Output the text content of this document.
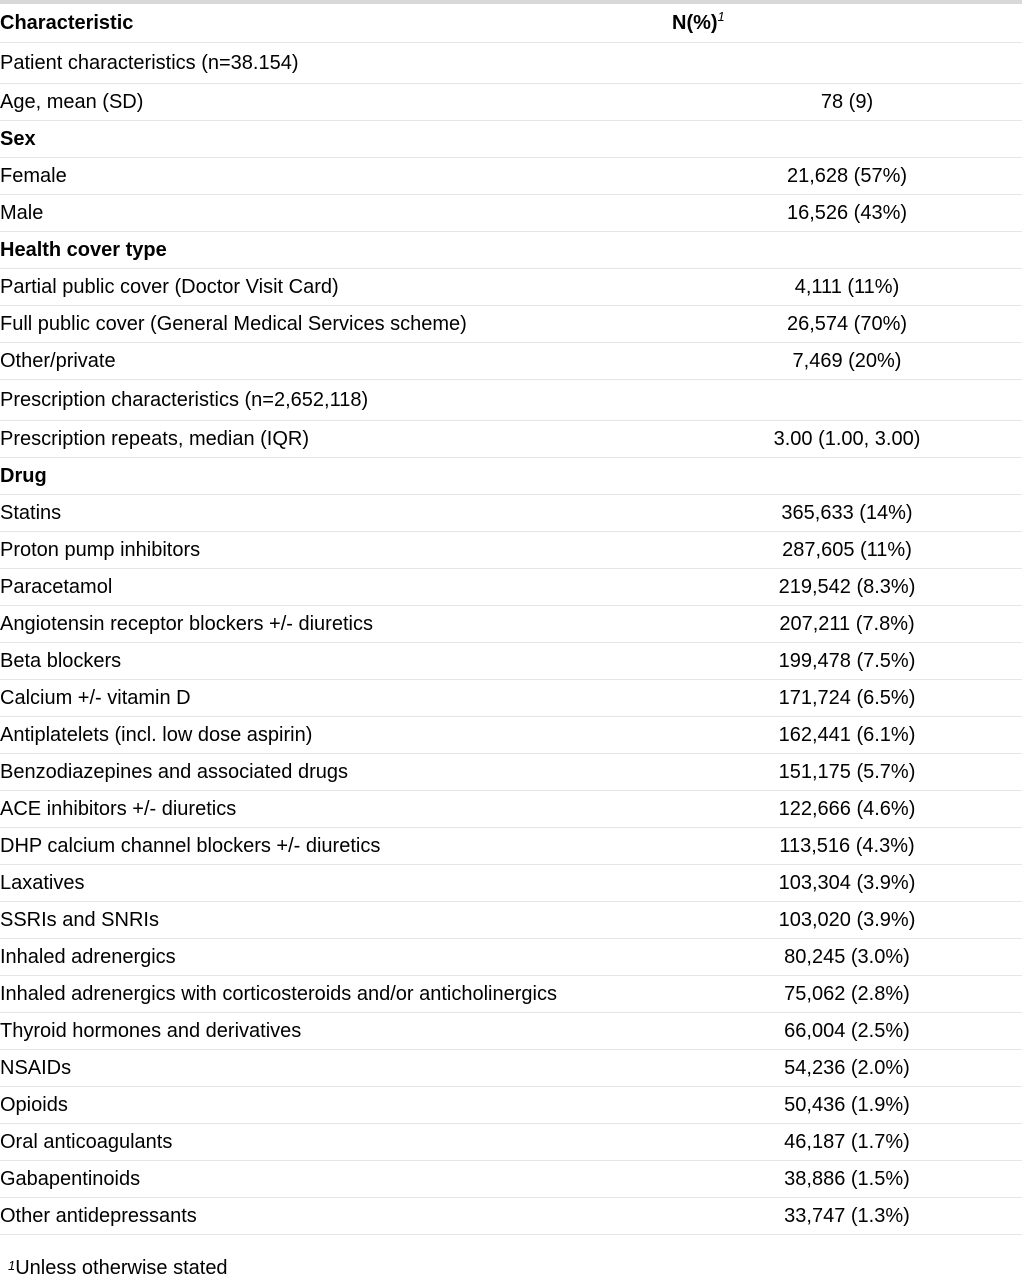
Characteristic	N(%)$^1$
Patient characteristics (n=38.154)	
Age, mean (SD)	78 (9)
Sex	
Female	21,628 (57%)
Male	16,526 (43%)
Health cover type	
Partial public cover (Doctor Visit Card)	4,111 (11%)
Full public cover (General Medical Services scheme)	26,574 (70%)
Other/private	7,469 (20%)
Prescription characteristics (n=2,652,118)	
Prescription repeats, median (IQR)	3.00 (1.00, 3.00)
Drug	
Statins	365,633 (14%)
Proton pump inhibitors	287,605 (11%)
Paracetamol	219,542 (8.3%)
Angiotensin receptor blockers +/- diuretics	207,211 (7.8%)
Beta blockers	199,478 (7.5%)
Calcium +/- vitamin D	171,724 (6.5%)
Antiplatelets (incl. low dose aspirin)	162,441 (6.1%)
Benzodiazepines and associated drugs	151,175 (5.7%)
ACE inhibitors +/- diuretics	122,666 (4.6%)
DHP calcium channel blockers +/- diuretics	113,516 (4.3%)
Laxatives	103,304 (3.9%)
SSRIs and SNRIs	103,020 (3.9%)
Inhaled adrenergics	80,245 (3.0%)
Inhaled adrenergics with corticosteroids and/or anticholinergics	75,062 (2.8%)
Thyroid hormones and derivatives	66,004 (2.5%)
NSAIDs	54,236 (2.0%)
Opioids	50,436 (1.9%)
Oral anticoagulants	46,187 (1.7%)
Gabapentinoids	38,886 (1.5%)
Other antidepressants	33,747 (1.3%)
$^1$Unless otherwise stated
